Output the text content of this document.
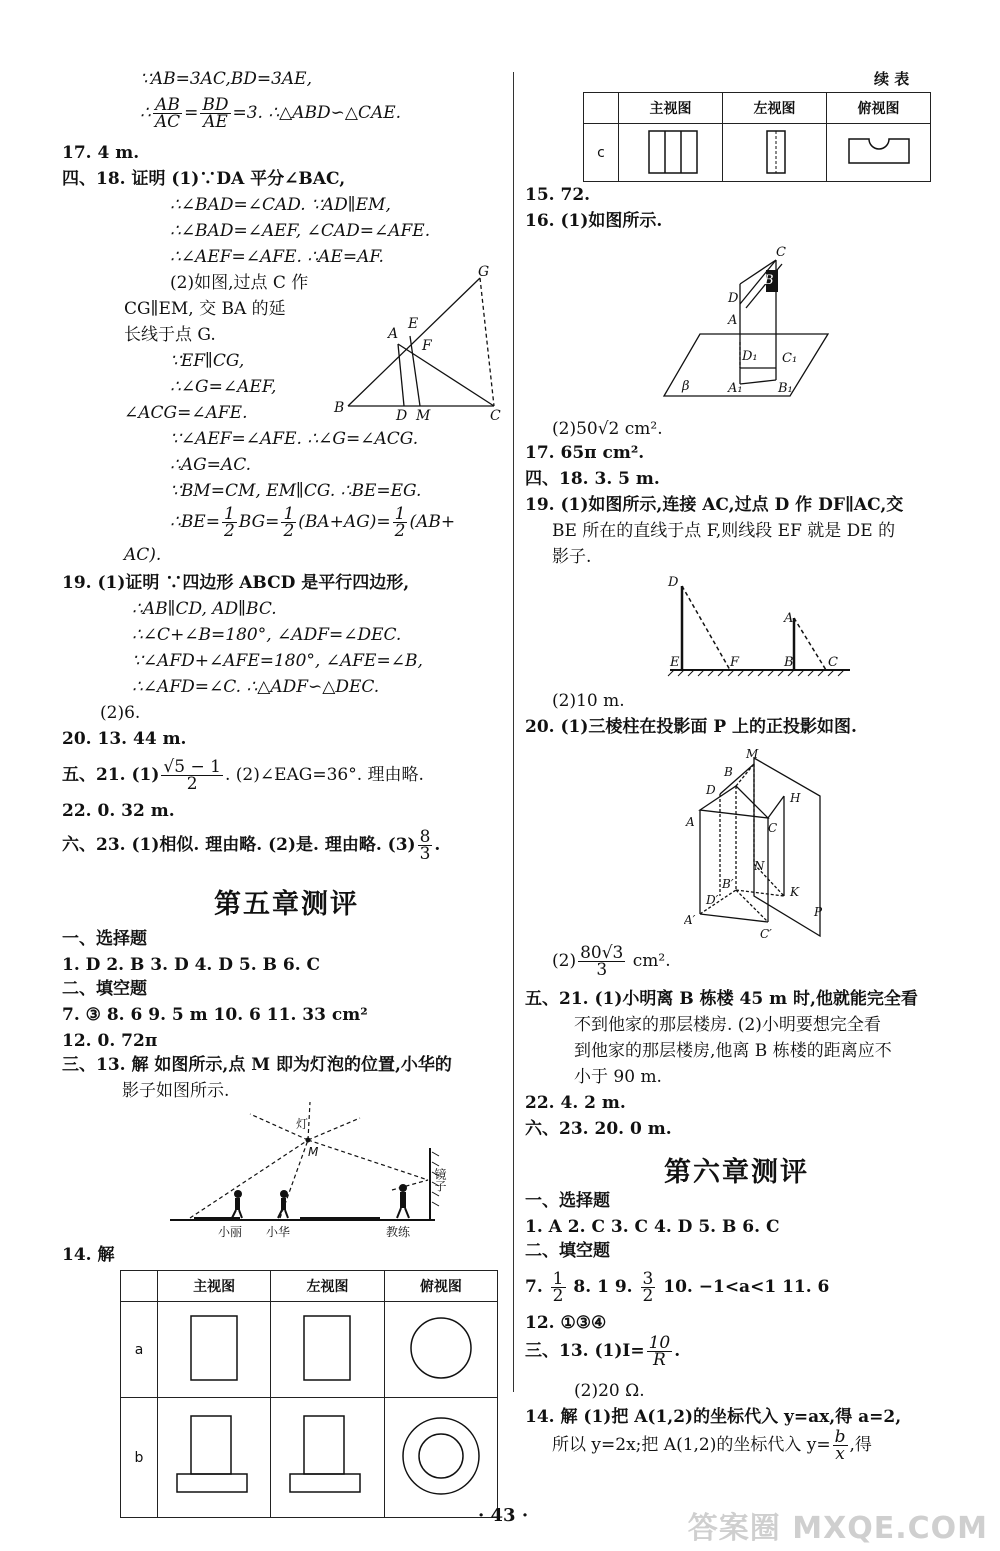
∵AB=3AC,BD=3AE,
∴ $\frac{AB}{AC} = \frac{BD}{AE} =3$. ∴△ABD∽△CAE.
17. 4 m.
四、18. 证明 (1)∵DA 平分∠BAC,
∴∠BAD=∠CAD. ∵AD∥EM,
∴∠BAD=∠AEF, ∠CAD=∠AFE.
∴∠AEF=∠AFE. ∴AE=AF.
(2)如图,过点 C 作
CG∥EM, 交 BA 的延
长线于点 G.
∵EF∥CG,
∴∠G=∠AEF,
∠ACG=∠AFE.
∵∠AEF=∠AFE. ∴∠G=∠ACG.
∴AG=AC.
∵BM=CM, EM∥CG. ∴BE=EG.
∴BE= $\frac{1}{2} BG= \frac{1}{2} (BA+AG)= \frac{1}{2} (AB+$
AC).
G
A
E
F
B	D M	C
19. (1)证明 ∵四边形 ABCD 是平行四边形,
∴AB∥CD, AD∥BC.
∴∠C+∠B=180°, ∠ADF=∠DEC.
∵∠AFD+∠AFE=180°, ∠AFE=∠B,
∴∠AFD=∠C. ∴△ADF∽△DEC.
(2)6.
20. 13. 44 m.
五、21. $(1) \frac{√5 - 1}{2}$ . (2)∠EAG=36°. 理由略.
22. 0. 32 m.
六、23. (1)相似. 理由略. (2)是. 理由略. $(3) \frac{8}{3}$ .
第五章测评
一、选择题
1. D 2. B 3. D 4. D 5. B 6. C
二、填空题
7. ③ 8. 6 9. 5 m 10. 6 11. 33 cm²
12. 0. 72π
三、13. 解 如图所示,点 M 即为灯泡的位置,小华的
影子如图所示.
灯
M
镜子
小丽 小华	教练
14. 解
	主视图	左视图	俯视图
a			
b			
续 表
	主视图	左视图	俯视图
c			
15. 72.
16. (1)如图所示.
C
B
D
A
D₁ C₁
β	A₁	B₁
(2)50√2 cm².
17. 65π cm².
四、18. 3. 5 m.
19. (1)如图所示,连接 AC,过点 D 作 DF∥AC,交
BE 所在的直线于点 F,则线段 EF 就是 DE 的
影子.
D
E	F
A
B	C
(2)10 m.
20. (1)三棱柱在投影面 P 上的正投影如图.
B
M
D
H
A	C
N
B′
K
D′
A′
C′
P
$(2) \frac{80√3}{3} cm^2$.
五、21. (1)小明离 B 栋楼 45 m 时,他就能完全看
不到他家的那层楼房. (2)小明要想完全看
到他家的那层楼房,他离 B 栋楼的距离应不
小于 90 m.
22. 4. 2 m.
六、23. 20. 0 m.
第六章测评
一、选择题
1. A 2. C 3. C 4. D 5. B 6. C
二、填空题
7. $\frac{1}{2} 8$. 1 9. $\frac{3}{2} 10$. −1<a<1 11. 6
12. ①③④
三、13. $(1)I= \frac{10}{R}$ .
(2)20 Ω.
14. 解 (1)把 A(1,2)的坐标代入 y=ax,得 a=2,
所以 y=2x;把 A(1,2)的坐标代入 $y= \frac{b}{x}$ ,得
· 43 ·	答案圈 MXQE.COM
